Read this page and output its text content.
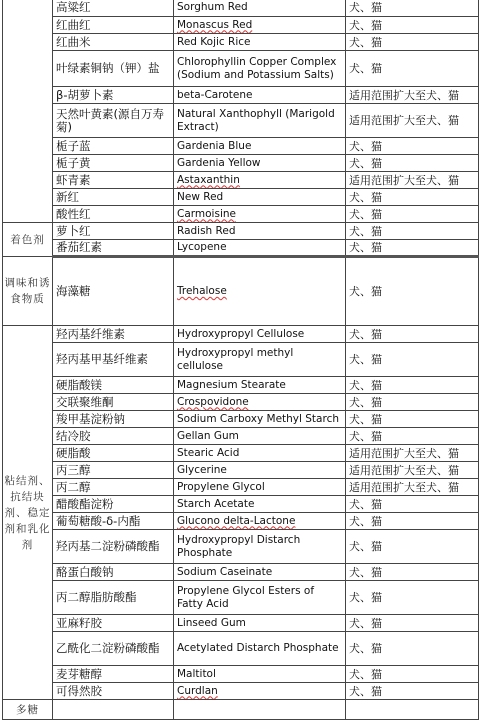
	高粱红	Sorghum Red	犬、猫
	红曲红	Monascus Red	犬、猫
	红曲米	Red Kojic Rice	犬、猫
	叶绿素铜钠（钾）盐	Chlorophyllin Copper Complex (Sodium and Potassium Salts)	犬、猫
	β-胡萝卜素	beta-Carotene	适用范围扩大至犬、猫
	天然叶黄素(源自万寿菊)	Natural Xanthophyll (Marigold Extract)	适用范围扩大至犬、猫
	栀子蓝	Gardenia Blue	犬、猫
	栀子黄	Gardenia Yellow	犬、猫
	虾青素	Astaxanthin	适用范围扩大至犬、猫
	新红	New Red	犬、猫
	酸性红	Carmoisine	犬、猫
着色剂	萝卜红	Radish Red	犬、猫
	番茄红素	Lycopene	犬、猫
调味和诱食物质	海藻糖	Trehalose	犬、猫
粘结剂、抗结块剂、稳定剂和乳化剂	羟丙基纤维素	Hydroxypropyl Cellulose	犬、猫
	羟丙基甲基纤维素	Hydroxypropyl methyl cellulose	犬、猫
	硬脂酸镁	Magnesium Stearate	犬、猫
	交联聚维酮	Crospovidone	犬、猫
	羧甲基淀粉钠	Sodium Carboxy Methyl Starch	犬、猫
	结冷胶	Gellan Gum	犬、猫
	硬脂酸	Stearic Acid	适用范围扩大至犬、猫
	丙三醇	Glycerine	适用范围扩大至犬、猫
	丙二醇	Propylene Glycol	适用范围扩大至犬、猫
	醋酸酯淀粉	Starch Acetate	犬、猫
	葡萄糖酸-δ-内酯	Glucono delta-Lactone	犬、猫
	羟丙基二淀粉磷酸酯	Hydroxypropyl Distarch Phosphate	犬、猫
	酪蛋白酸钠	Sodium Caseinate	犬、猫
	丙二醇脂肪酸酯	Propylene Glycol Esters of Fatty Acid	犬、猫
	亚麻籽胶	Linseed Gum	犬、猫
	乙酰化二淀粉磷酸酯	Acetylated Distarch Phosphate	犬、猫
	麦芽糖醇	Maltitol	犬、猫
	可得然胶	Curdlan	犬、猫
多糖			
